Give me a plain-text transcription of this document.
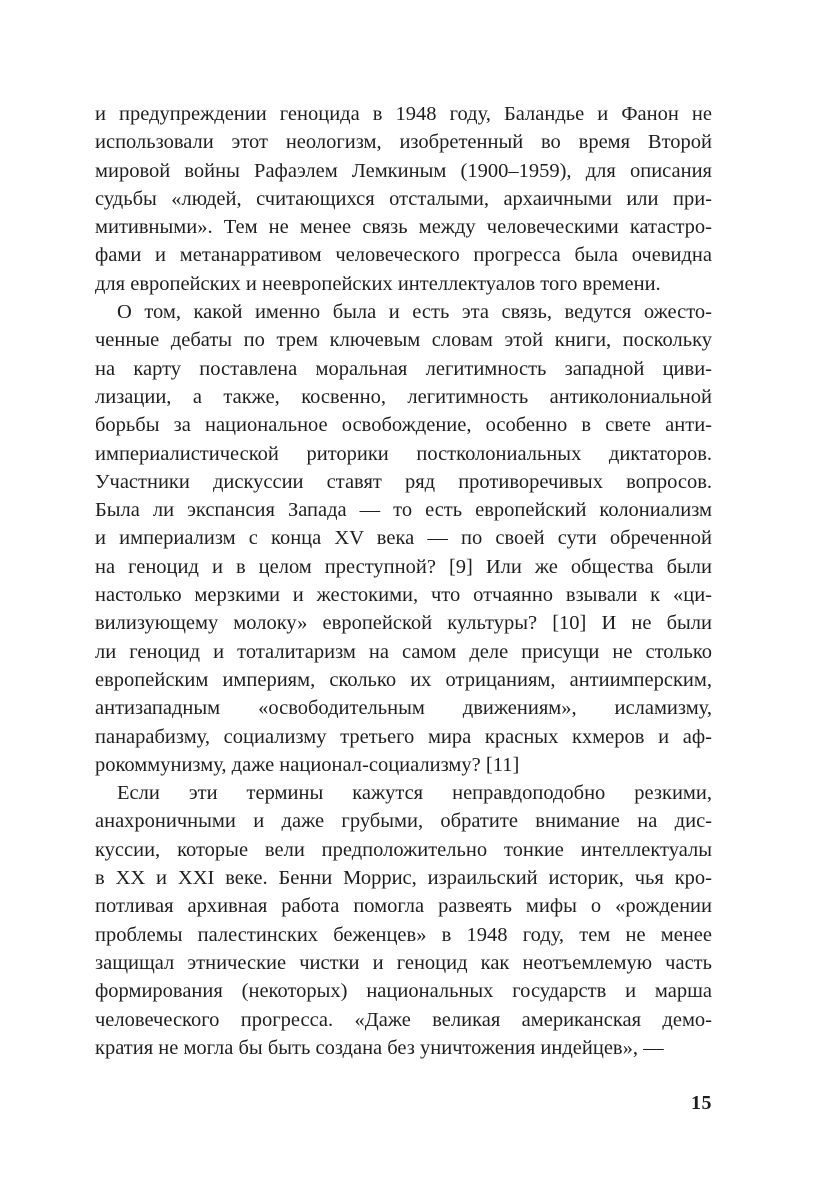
и предупреждении геноцида в 1948 году, Баландье и Фанон не
использовали этот неологизм, изобретенный во время Второй
мировой войны Рафаэлем Лемкиным (1900–1959), для описания
судьбы «людей, считающихся отсталыми, архаичными или при-
митивными». Тем не менее связь между человеческими катастро-
фами и метанарративом человеческого прогресса была очевидна
для европейских и неевропейских интеллектуалов того времени.

О том, какой именно была и есть эта связь, ведутся ожесто-
ченные дебаты по трем ключевым словам этой книги, поскольку
на карту поставлена моральная легитимность западной циви-
лизации, а также, косвенно, легитимность антиколониальной
борьбы за национальное освобождение, особенно в свете анти-
империалистической риторики постколониальных диктаторов.
Участники дискуссии ставят ряд противоречивых вопросов.
Была ли экспансия Запада — то есть европейский колониализм
и империализм с конца XV века — по своей сути обреченной
на геноцид и в целом преступной? [9] Или же общества были
настолько мерзкими и жестокими, что отчаянно взывали к «ци-
вилизующему молоку» европейской культуры? [10] И не были
ли геноцид и тоталитаризм на самом деле присущи не столько
европейским империям, сколько их отрицаниям, антиимперским,
антизападным «освободительным движениям», исламизму,
панарабизму, социализму третьего мира красных кхмеров и аф-
рокоммунизму, даже национал-социализму? [11]

Если эти термины кажутся неправдоподобно резкими,
анахроничными и даже грубыми, обратите внимание на дис-
куссии, которые вели предположительно тонкие интеллектуалы
в XX и XXI веке. Бенни Моррис, израильский историк, чья кро-
потливая архивная работа помогла развеять мифы о «рождении
проблемы палестинских беженцев» в 1948 году, тем не менее
защищал этнические чистки и геноцид как неотъемлемую часть
формирования (некоторых) национальных государств и марша
человеческого прогресса. «Даже великая американская демо-
кратия не могла бы быть создана без уничтожения индейцев», —

15
